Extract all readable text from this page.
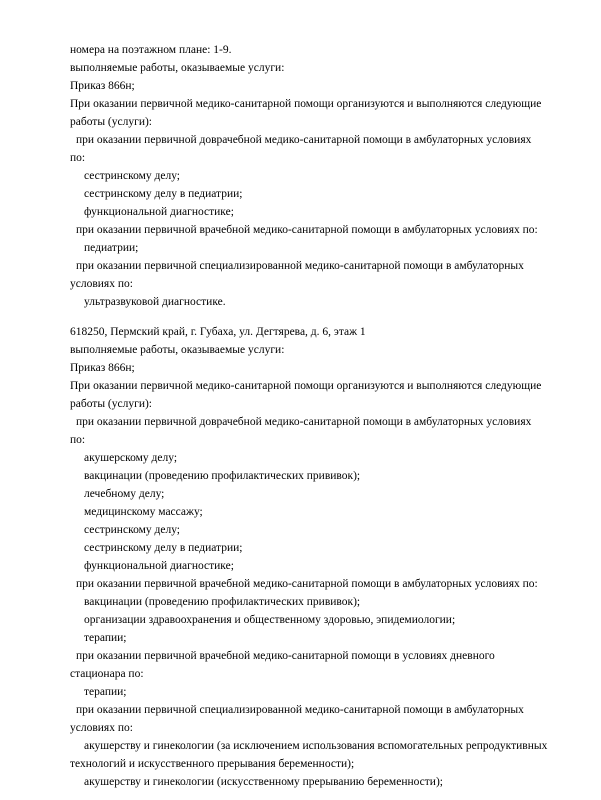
номера на поэтажном плане: 1-9.
выполняемые работы, оказываемые услуги:
Приказ 866н;
При оказании первичной медико-санитарной помощи организуются и выполняются следующие
работы (услуги):
при оказании первичной доврачебной медико-санитарной помощи в амбулаторных условиях
по:
сестринскому делу;
сестринскому делу в педиатрии;
функциональной диагностике;
при оказании первичной врачебной медико-санитарной помощи в амбулаторных условиях по:
педиатрии;
при оказании первичной специализированной медико-санитарной помощи в амбулаторных
условиях по:
ультразвуковой диагностике.
618250, Пермский край, г. Губаха, ул. Дегтярева, д. 6, этаж 1
выполняемые работы, оказываемые услуги:
Приказ 866н;
При оказании первичной медико-санитарной помощи организуются и выполняются следующие
работы (услуги):
при оказании первичной доврачебной медико-санитарной помощи в амбулаторных условиях
по:
акушерскому делу;
вакцинации (проведению профилактических прививок);
лечебному делу;
медицинскому массажу;
сестринскому делу;
сестринскому делу в педиатрии;
функциональной диагностике;
при оказании первичной врачебной медико-санитарной помощи в амбулаторных условиях по:
вакцинации (проведению профилактических прививок);
организации здравоохранения и общественному здоровью, эпидемиологии;
терапии;
при оказании первичной врачебной медико-санитарной помощи в условиях дневного
стационара по:
терапии;
при оказании первичной специализированной медико-санитарной помощи в амбулаторных
условиях по:
акушерству и гинекологии (за исключением использования вспомогательных репродуктивных
технологий и искусственного прерывания беременности);
акушерству и гинекологии (искусственному прерыванию беременности);
